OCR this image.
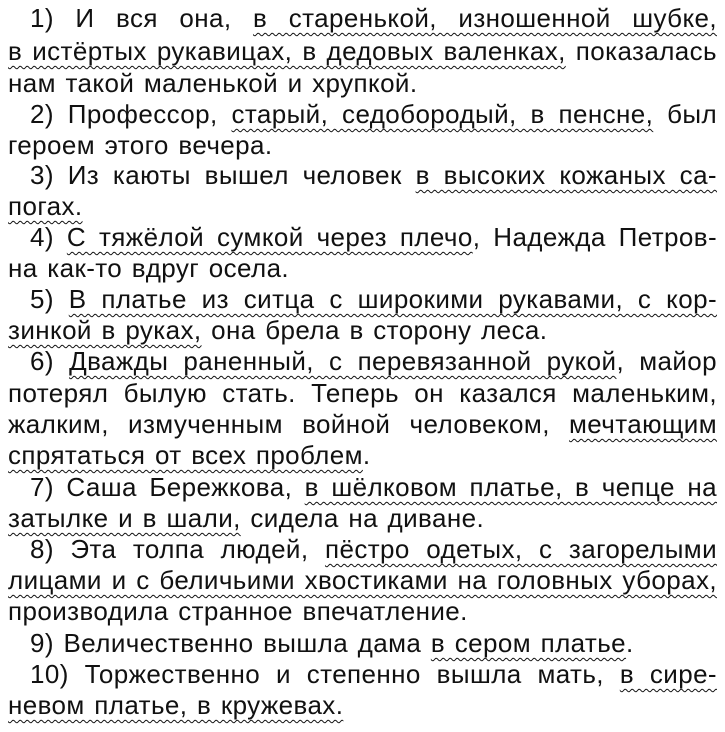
1) И вся она, в старенькой, изношенной шубке,
в истёртых рукавицах, в дедовых валенках, показалась
нам такой маленькой и хрупкой.
2) Профессор, старый, седобородый, в пенсне, был
героем этого вечера.
3) Из каюты вышел человек в высоких кожаных са-
погах.
4) С тяжёлой сумкой через плечо, Надежда Петров-
на как-то вдруг осела.
5) В платье из ситца с широкими рукавами, с кор-
зинкой в руках, она брела в сторону леса.
6) Дважды раненный, с перевязанной рукой, майор
потерял былую стать. Теперь он казался маленьким,
жалким, измученным войной человеком, мечтающим
спрятаться от всех проблем.
7) Саша Бережкова, в шёлковом платье, в чепце на
затылке и в шали, сидела на диване.
8) Эта толпа людей, пёстро одетых, с загорелыми
лицами и с беличьими хвостиками на головных уборах,
производила странное впечатление.
9) Величественно вышла дама в сером платье.
10) Торжественно и степенно вышла мать, в сире-
невом платье, в кружевах.
